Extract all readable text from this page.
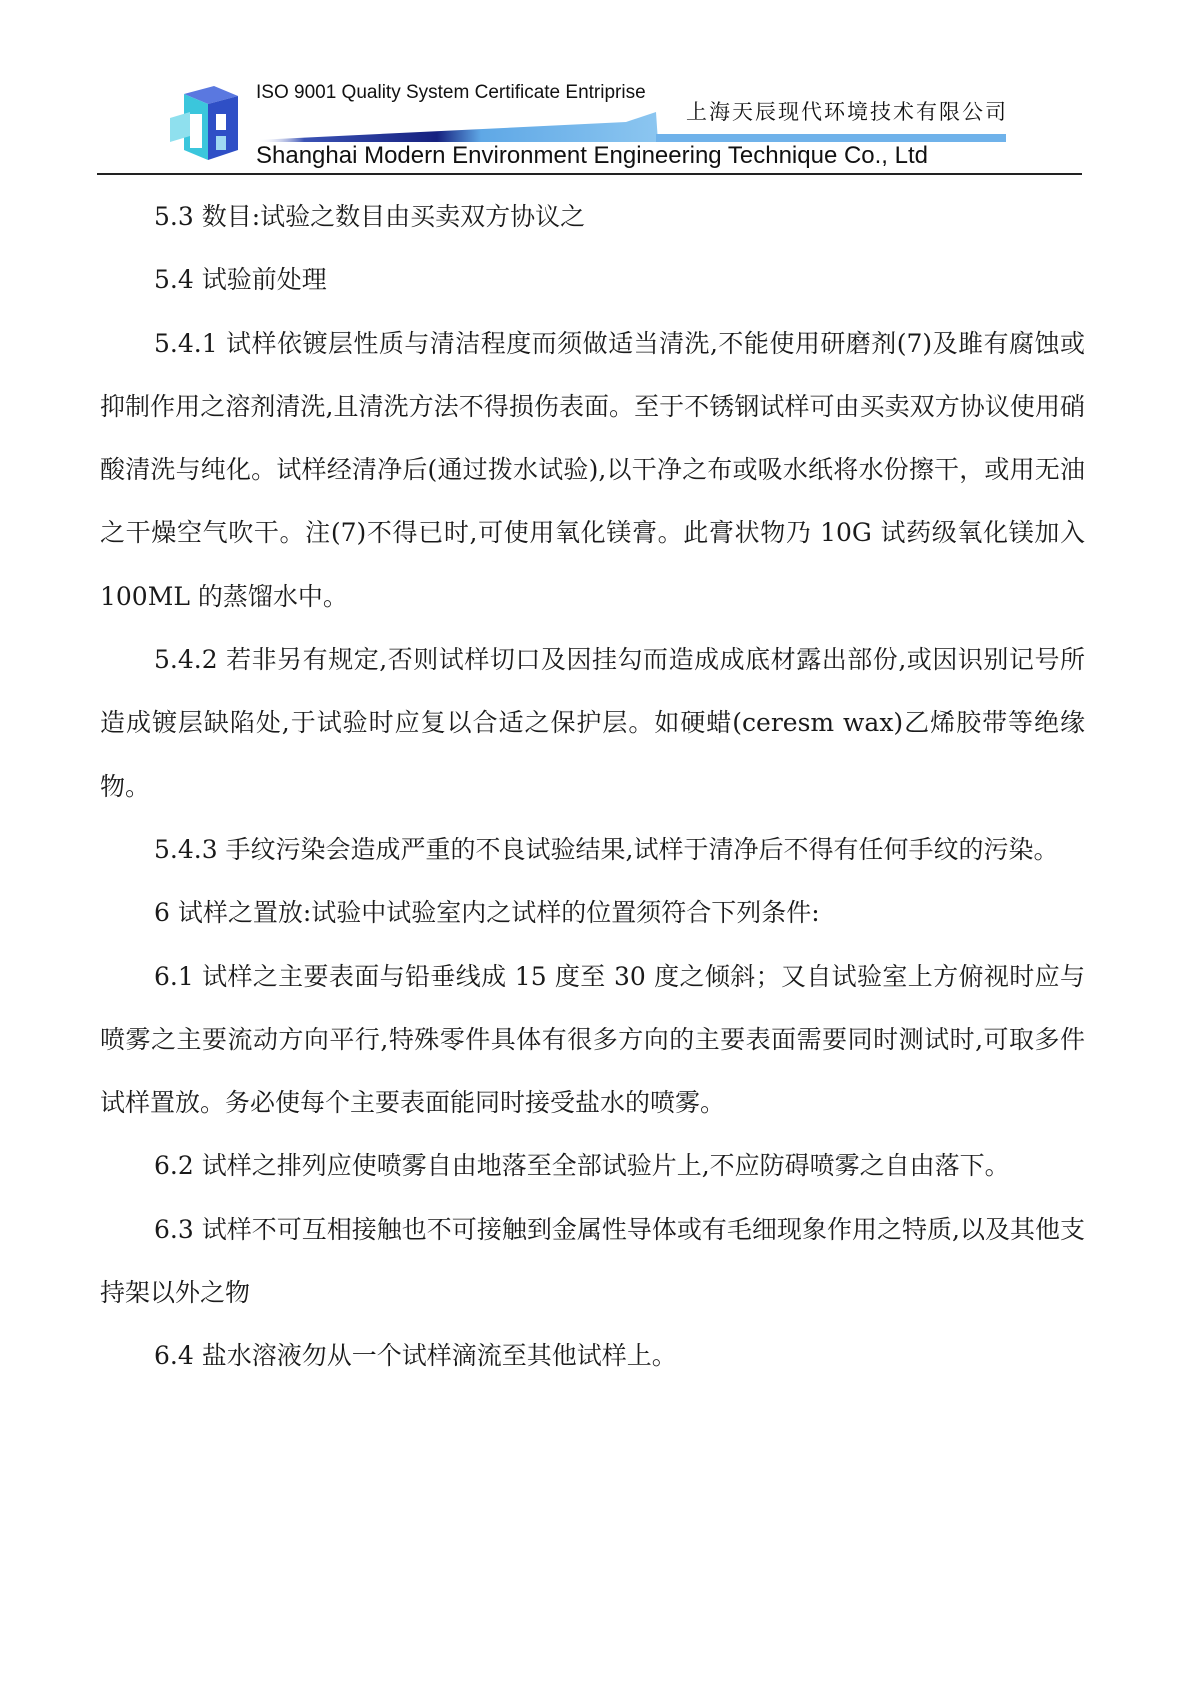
ISO 9001 Quality System Certificate Entriprise
上海天辰现代环境技术有限公司
Shanghai Modern Environment Engineering Technique Co., Ltd

5.3 数目:试验之数目由买卖双方协议之

5.4 试验前处理

5.4.1 试样依镀层性质与清洁程度而须做适当清洗,不能使用研磨剂(7)及雎有腐蚀或抑制作用之溶剂清洗,且清洗方法不得损伤表面。至于不锈钢试样可由买卖双方协议使用硝酸清洗与纯化。试样经清净后(通过拨水试验),以干净之布或吸水纸将水份擦干，或用无油之干燥空气吹干。注(7)不得已时,可使用氧化镁膏。此膏状物乃 10G 试药级氧化镁加入 100ML 的蒸馏水中。

5.4.2 若非另有规定,否则试样切口及因挂勾而造成成底材露出部份,或因识别记号所造成镀层缺陷处,于试验时应复以合适之保护层。如硬蜡(ceresm wax)乙烯胶带等绝缘物。

5.4.3 手纹污染会造成严重的不良试验结果,试样于清净后不得有任何手纹的污染。

6 试样之置放:试验中试验室内之试样的位置须符合下列条件:

6.1 试样之主要表面与铅垂线成 15 度至 30 度之倾斜；又自试验室上方俯视时应与喷雾之主要流动方向平行,特殊零件具体有很多方向的主要表面需要同时测试时,可取多件试样置放。务必使每个主要表面能同时接受盐水的喷雾。

6.2 试样之排列应使喷雾自由地落至全部试验片上,不应防碍喷雾之自由落下。

6.3 试样不可互相接触也不可接触到金属性导体或有毛细现象作用之特质,以及其他支持架以外之物

6.4 盐水溶液勿从一个试样滴流至其他试样上。
